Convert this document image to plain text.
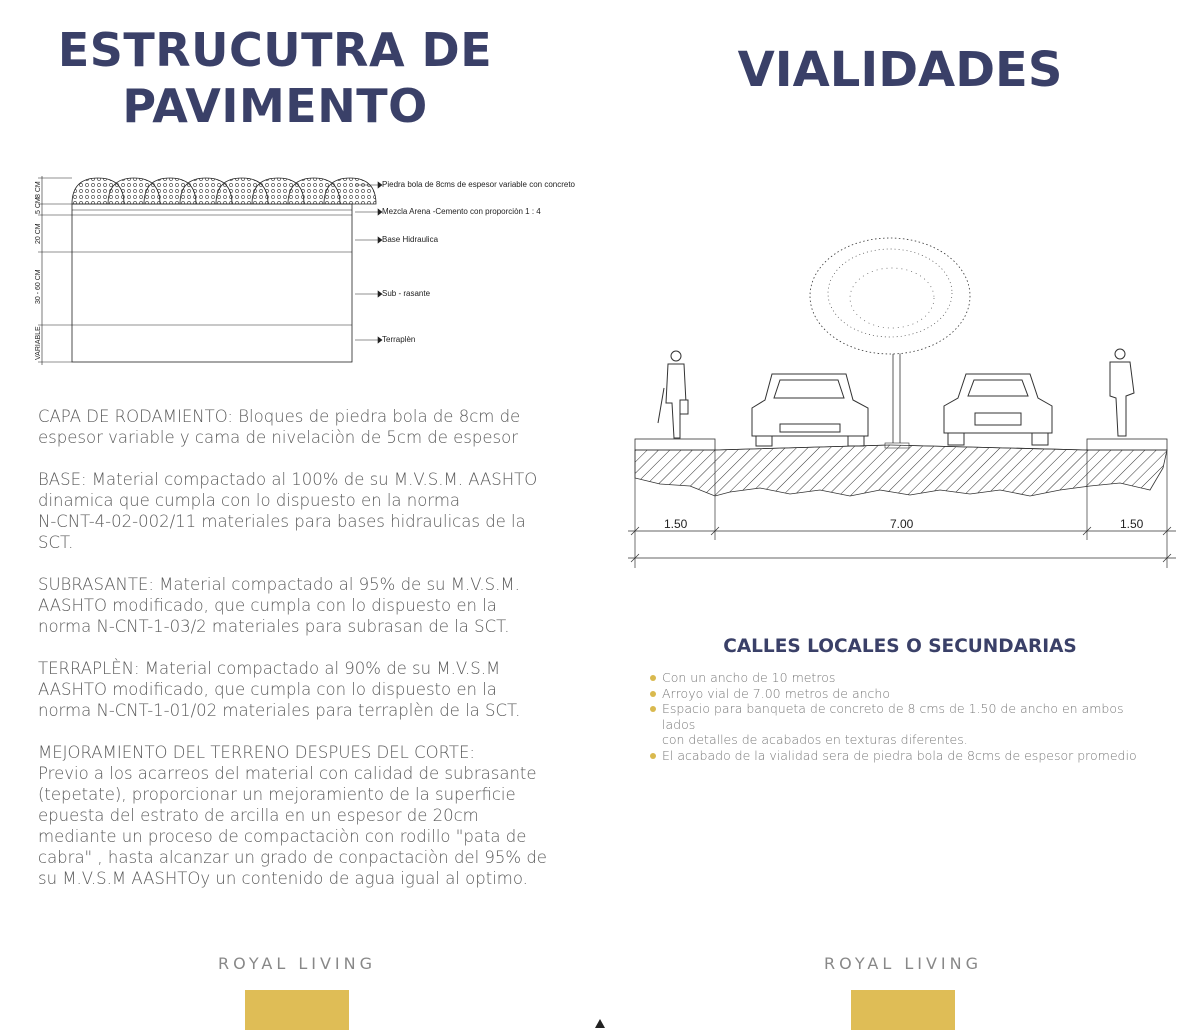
ESTRUCUTRA DE
PAVIMENTO
8 CM
5 CM
20 CM
30 - 60 CM
VARIABLE
Piedra bola de 8cms de espesor variable con concreto
Mezcla Arena -Cemento con proporciòn 1 : 4
Base Hidraulica
Sub - rasante
Terraplèn

CAPA DE RODAMIENTO: Bloques de piedra bola de 8cm de
espesor variable y cama de nivelaciòn de 5cm de espesor

BASE: Material compactado al 100% de su M.V.S.M. AASHTO
dinamica que cumpla con lo dispuesto en la norma
N-CNT-4-02-002/11 materiales para bases hidraulicas de la
SCT.

SUBRASANTE: Material compactado al 95% de su M.V.S.M.
AASHTO modificado, que cumpla con lo dispuesto en la
norma N-CNT-1-03/2 materiales para subrasan de la SCT.

TERRAPLÈN: Material compactado al 90% de su M.V.S.M
AASHTO modificado, que cumpla con lo dispuesto en la
norma N-CNT-1-01/02 materiales para terraplèn de la SCT.

MEJORAMIENTO DEL TERRENO DESPUES DEL CORTE:
Previo a los acarreos del material con calidad de subrasante
(tepetate), proporcionar un mejoramiento de la superficie
epuesta del estrato de arcilla en un espesor de 20cm
mediante un proceso de compactaciòn con rodillo "pata de
cabra" , hasta alcanzar un grado de conpactaciòn del 95% de
su M.V.S.M AASHTOy un contenido de agua igual al optimo.

ROYAL LIVING
VIALIDADES
1.50	7.00	1.50
CALLES LOCALES O SECUNDARIAS
Con un ancho de 10 metros
Arroyo vial de 7.00 metros de ancho
Espacio para banqueta de concreto de 8 cms de 1.50 de ancho en ambos lados
con detalles de acabados en texturas diferentes.
El acabado de la vialidad sera de piedra bola de 8cms de espesor promedio
ROYAL LIVING
